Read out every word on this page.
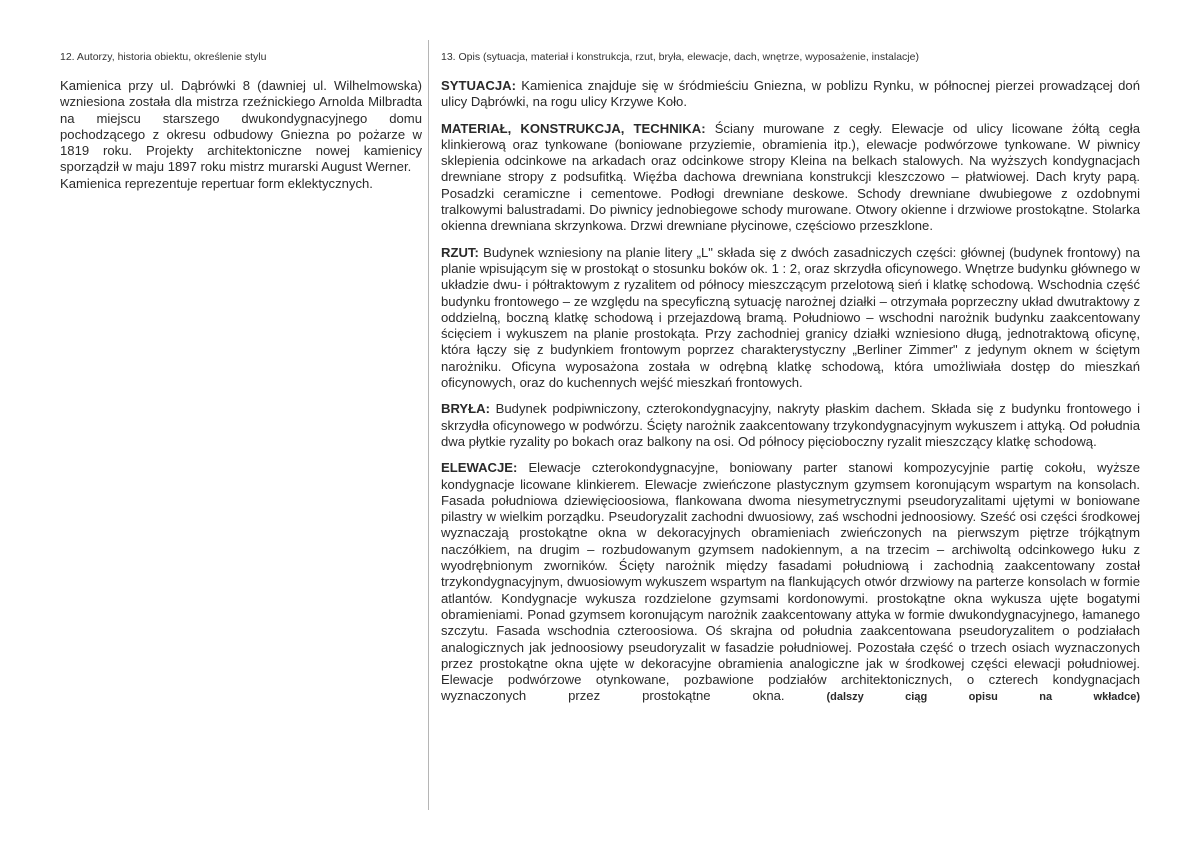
12. Autorzy, historia obiektu, określenie stylu

Kamienica przy ul. Dąbrówki 8 (dawniej ul. Wilhelmowska) wzniesiona została dla mistrza rzeźnickiego Arnolda Milbradta na miejscu starszego dwukondygnacyjnego domu pochodzącego z okresu odbudowy Gniezna po pożarze w 1819 roku. Projekty architektoniczne nowej kamienicy sporządził w maju 1897 roku mistrz murarski August Werner.

Kamienica reprezentuje repertuar form eklektycznych.

13. Opis (sytuacja, materiał i konstrukcja, rzut, bryła, elewacje, dach, wnętrze, wyposażenie, instalacje)

SYTUACJA: Kamienica znajduje się w śródmieściu Gniezna, w poblizu Rynku, w północnej pierzei prowadzącej doń ulicy Dąbrówki, na rogu ulicy Krzywe Koło.

MATERIAŁ, KONSTRUKCJA, TECHNIKA: Ściany murowane z cegły. Elewacje od ulicy licowane żółtą cegła klinkierową oraz tynkowane (boniowane przyziemie, obramienia itp.), elewacje podwórzowe tynkowane. W piwnicy sklepienia odcinkowe na arkadach oraz odcinkowe stropy Kleina na belkach stalowych. Na wyższych kondygnacjach drewniane stropy z podsufitką. Więźba dachowa drewniana konstrukcji kleszczowo – płatwiowej. Dach kryty papą. Posadzki ceramiczne i cementowe. Podłogi drewniane deskowe. Schody drewniane dwubiegowe z ozdobnymi tralkowymi balustradami. Do piwnicy jednobiegowe schody murowane. Otwory okienne i drzwiowe prostokątne. Stolarka okienna drewniana skrzynkowa. Drzwi drewniane płycinowe, częściowo przeszklone.

RZUT: Budynek wzniesiony na planie litery „L" składa się z dwóch zasadniczych części: głównej (budynek frontowy) na planie wpisującym się w prostokąt o stosunku boków ok. 1 : 2, oraz skrzydła oficynowego. Wnętrze budynku głównego w układzie dwu- i półtraktowym z ryzalitem od północy mieszczącym przelotową sień i klatkę schodową. Wschodnia część budynku frontowego – ze względu na specyficzną sytuację narożnej działki – otrzymała poprzeczny układ dwutraktowy z oddzielną, boczną klatkę schodową i przejazdową bramą. Południowo – wschodni narożnik budynku zaakcentowany ścięciem i wykuszem na planie prostokąta. Przy zachodniej granicy działki wzniesiono długą, jednotraktową oficynę, która łączy się z budynkiem frontowym poprzez charakterystyczny „Berliner Zimmer" z jedynym oknem w ściętym narożniku. Oficyna wyposażona została w odrębną klatkę schodową, która umożliwiała dostęp do mieszkań oficynowych, oraz do kuchennych wejść mieszkań frontowych.

BRYŁA: Budynek podpiwniczony, czterokondygnacyjny, nakryty płaskim dachem. Składa się z budynku frontowego i skrzydła oficynowego w podwórzu. Ścięty narożnik zaakcentowany trzykondygnacyjnym wykuszem i attyką. Od południa dwa płytkie ryzality po bokach oraz balkony na osi. Od północy pięcioboczny ryzalit mieszczący klatkę schodową.

ELEWACJE: Elewacje czterokondygnacyjne, boniowany parter stanowi kompozycyjnie partię cokołu, wyższe kondygnacje licowane klinkierem. Elewacje zwieńczone plastycznym gzymsem koronującym wspartym na konsolach. Fasada południowa dziewięcioosiowa, flankowana dwoma niesymetrycznymi pseudoryzalitami ujętymi w boniowane pilastry w wielkim porządku. Pseudoryzalit zachodni dwuosiowy, zaś wschodni jednoosiowy. Sześć osi części środkowej wyznaczają prostokątne okna w dekoracyjnych obramieniach zwieńczonych na pierwszym piętrze trójkątnym naczółkiem, na drugim – rozbudowanym gzymsem nadokiennym, a na trzecim – archiwoltą odcinkowego łuku z wyodrębnionym zworników. Ścięty narożnik między fasadami południową i zachodnią zaakcentowany został trzykondygnacyjnym, dwuosiowym wykuszem wspartym na flankujących otwór drzwiowy na parterze konsolach w formie atlantów. Kondygnacje wykusza rozdzielone gzymsami kordonowymi. prostokątne okna wykusza ujęte bogatymi obramieniami. Ponad gzymsem koronującym narożnik zaakcentowany attyka w formie dwukondygnacyjnego, łamanego szczytu. Fasada wschodnia czteroosiowa. Oś skrajna od południa zaakcentowana pseudoryzalitem o podziałach analogicznych jak jednoosiowy pseudoryzalit w fasadzie południowej. Pozostała część o trzech osiach wyznaczonych przez prostokątne okna ujęte w dekoracyjne obramienia analogiczne jak w środkowej części elewacji południowej. Elewacje podwórzowe otynkowane, pozbawione podziałów architektonicznych, o czterech kondygnacjach wyznaczonych przez prostokątne okna.	(dalszy ciąg opisu na wkładce)
